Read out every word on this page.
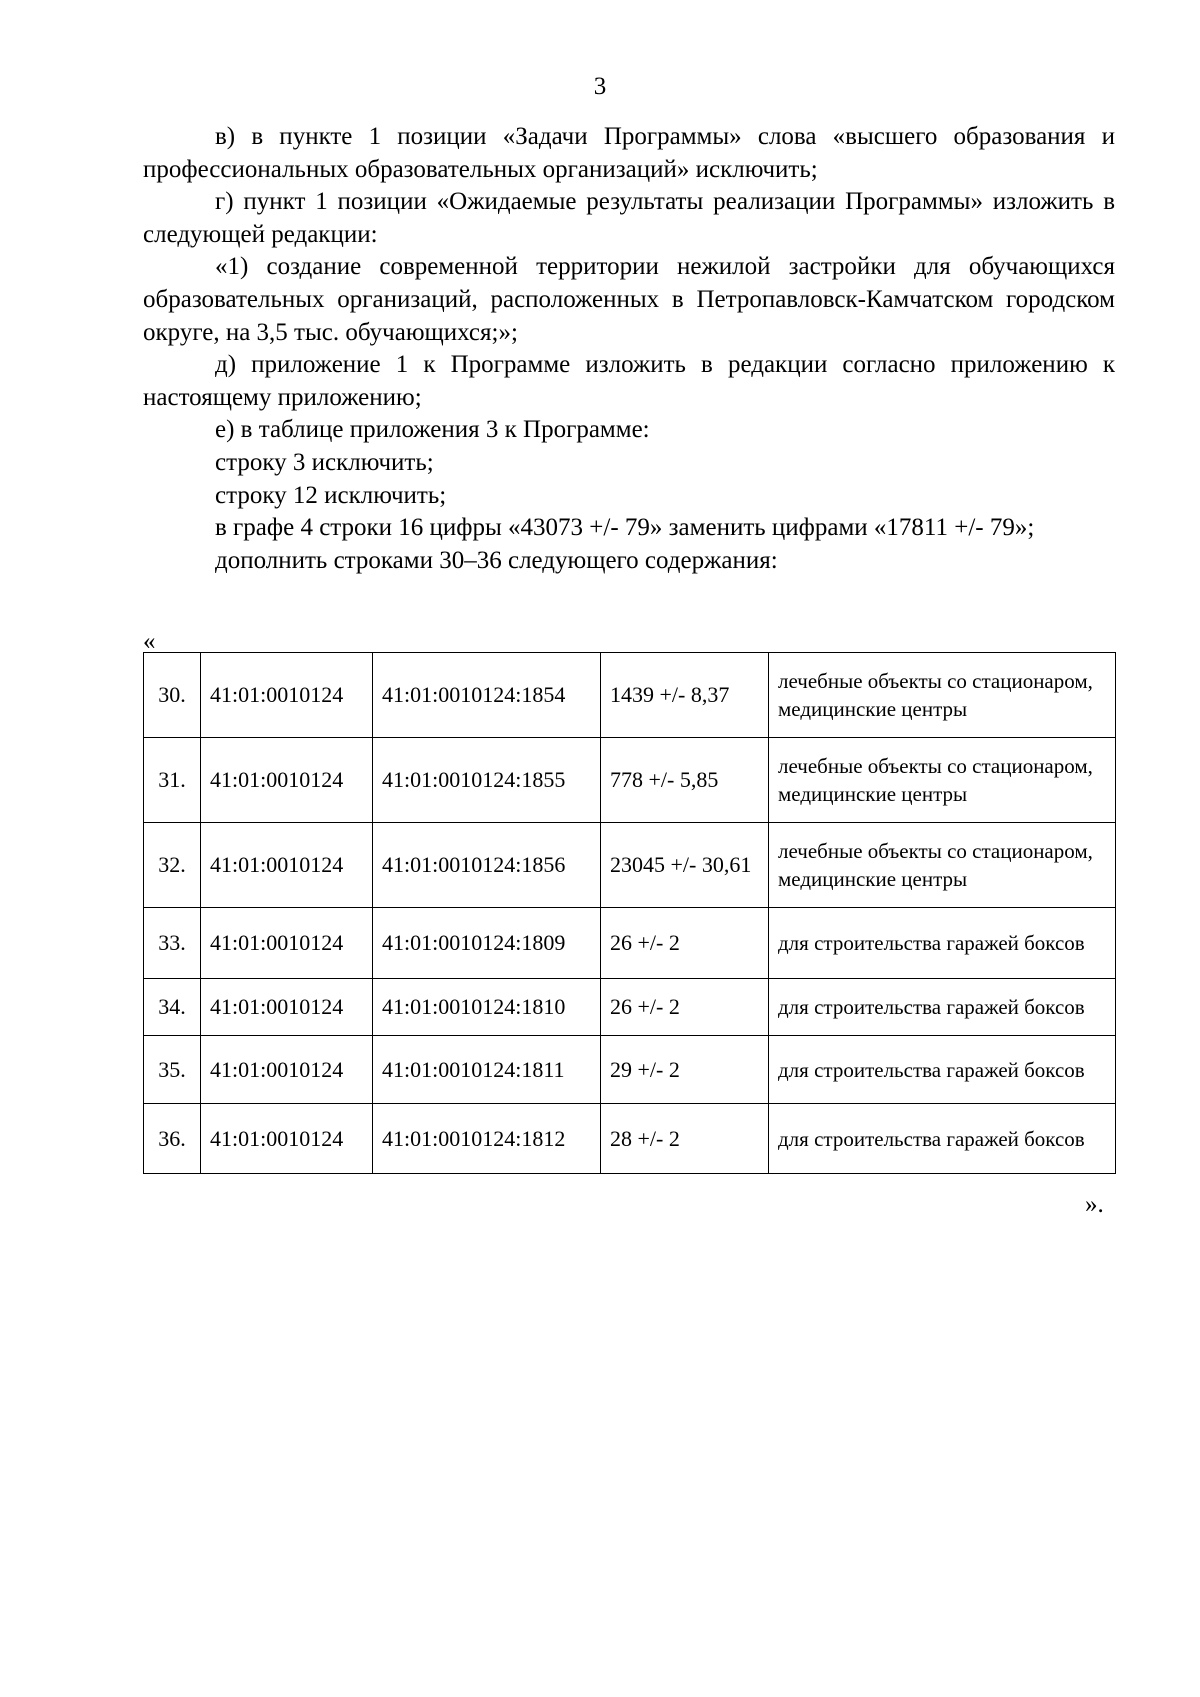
3

в) в пункте 1 позиции «Задачи Программы» слова «высшего образования и профессиональных образовательных организаций» исключить;

г) пункт 1 позиции «Ожидаемые результаты реализации Программы» изложить в следующей редакции:

«1) создание современной территории нежилой застройки для обучающихся образовательных организаций, расположенных в Петропавловск-Камчатском городском округе, на 3,5 тыс. обучающихся;»;

д) приложение 1 к Программе изложить в редакции согласно приложению к настоящему приложению;

е) в таблице приложения 3 к Программе:

строку 3 исключить;

строку 12 исключить;

в графе 4 строки 16 цифры «43073 +/- 79» заменить цифрами «17811 +/- 79»;

дополнить строками 30–36 следующего содержания:

«
30.	41:01:0010124	41:01:0010124:1854	1439 +/- 8,37	лечебные объекты со стационаром, медицинские центры
31.	41:01:0010124	41:01:0010124:1855	778 +/- 5,85	лечебные объекты со стационаром, медицинские центры
32.	41:01:0010124	41:01:0010124:1856	23045 +/- 30,61	лечебные объекты со стационаром, медицинские центры
33.	41:01:0010124	41:01:0010124:1809	26 +/- 2	для строительства гаражей боксов
34.	41:01:0010124	41:01:0010124:1810	26 +/- 2	для строительства гаражей боксов
35.	41:01:0010124	41:01:0010124:1811	29 +/- 2	для строительства гаражей боксов
36.	41:01:0010124	41:01:0010124:1812	28 +/- 2	для строительства гаражей боксов
».
